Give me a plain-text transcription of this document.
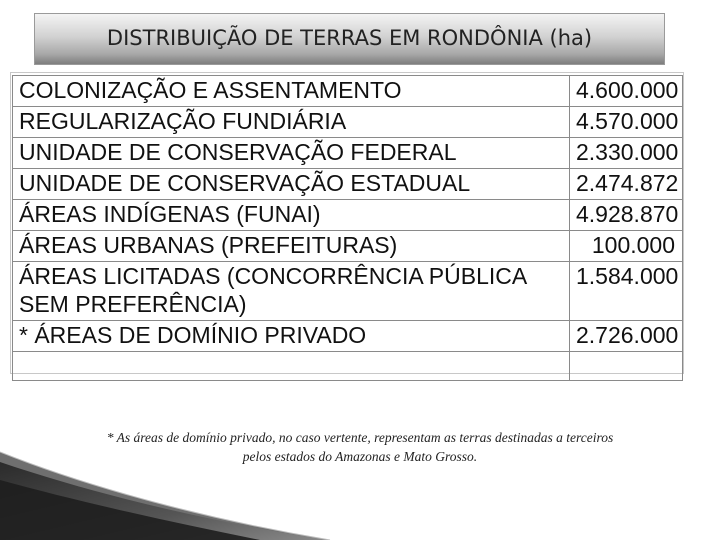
DISTRIBUIÇÃO DE TERRAS EM RONDÔNIA (ha)
COLONIZAÇÃO E ASSENTAMENTO	4.600.000
REGULARIZAÇÃO FUNDIÁRIA	4.570.000
UNIDADE DE CONSERVAÇÃO FEDERAL	2.330.000
UNIDADE DE CONSERVAÇÃO ESTADUAL	2.474.872
ÁREAS INDÍGENAS (FUNAI)	4.928.870
ÁREAS URBANAS (PREFEITURAS)	100.000
ÁREAS LICITADAS (CONCORRÊNCIA PÚBLICA SEM PREFERÊNCIA)	1.584.000
* ÁREAS DE DOMÍNIO PRIVADO	2.726.000

* As áreas de domínio privado, no caso vertente, representam as terras destinadas a terceiros
pelos estados do Amazonas e Mato Grosso.
